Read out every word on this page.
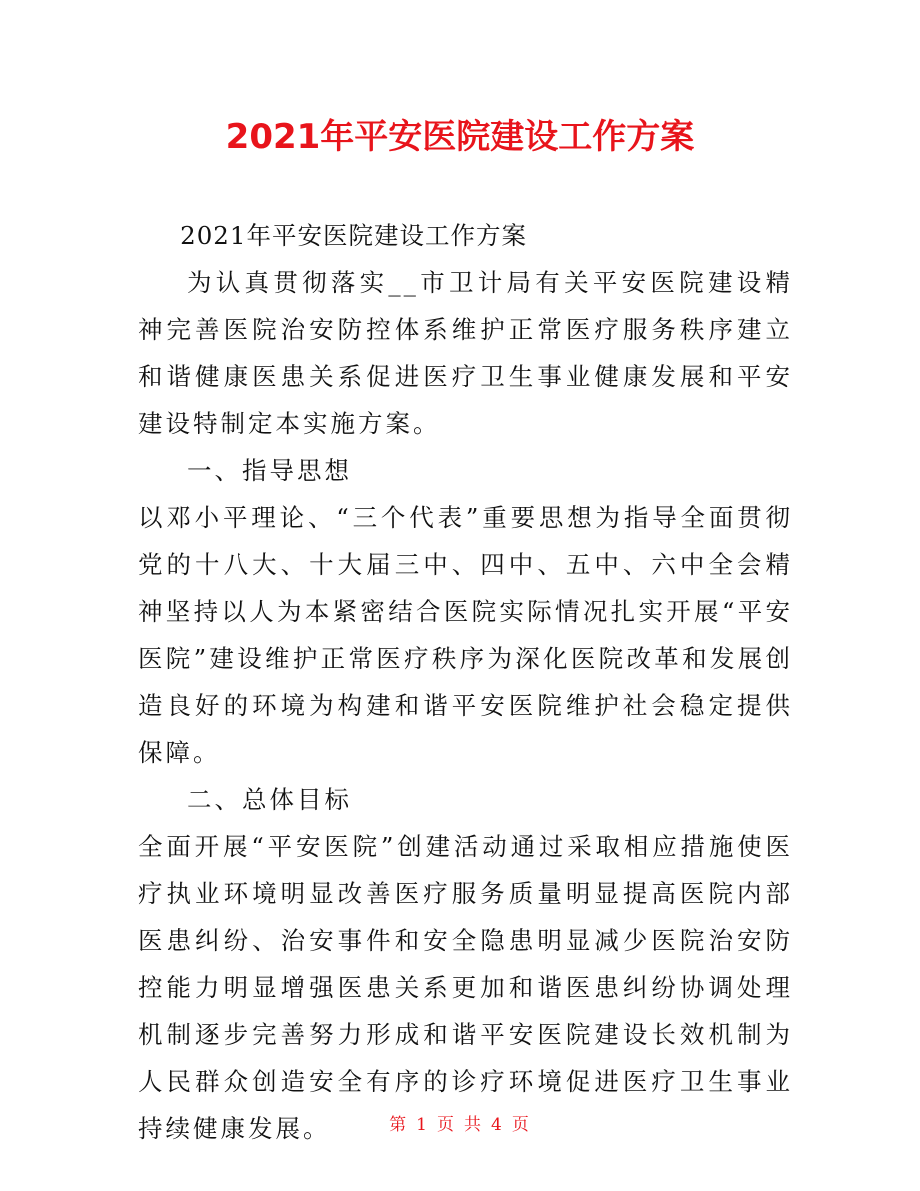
2021年平安医院建设工作方案

2021年平安医院建设工作方案

为认真贯彻落实__市卫计局有关平安医院建设精神完善医院治安防控体系维护正常医疗服务秩序建立和谐健康医患关系促进医疗卫生事业健康发展和平安建设特制定本实施方案。

一、指导思想

以邓小平理论、“三个代表”重要思想为指导全面贯彻党的十八大、十大届三中、四中、五中、六中全会精神坚持以人为本紧密结合医院实际情况扎实开展“平安医院”建设维护正常医疗秩序为深化医院改革和发展创造良好的环境为构建和谐平安医院维护社会稳定提供保障。

二、总体目标

全面开展“平安医院”创建活动通过采取相应措施使医疗执业环境明显改善医疗服务质量明显提高医院内部医患纠纷、治安事件和安全隐患明显减少医院治安防控能力明显增强医患关系更加和谐医患纠纷协调处理机制逐步完善努力形成和谐平安医院建设长效机制为人民群众创造安全有序的诊疗环境促进医疗卫生事业持续健康发展。	第 1 页 共 4 页
